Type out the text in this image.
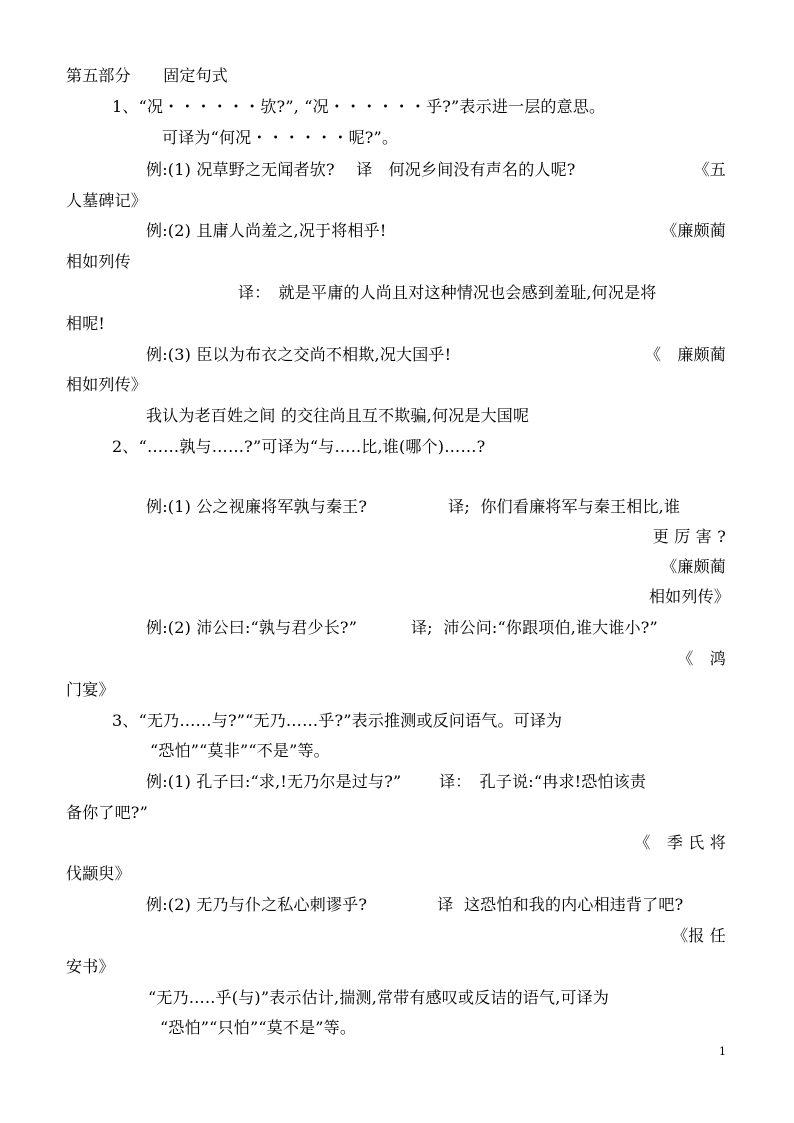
第五部分　　固定句式
1、“况・・・・・・欤?”, “况・・・・・・乎?”表示进一层的意思。
可译为“何况・・・・・・呢?”。
例:(1) 况草野之无闻者欤?　 译　何况乡间没有声名的人呢?	《五
人墓碑记》
例:(2) 且庸人尚羞之,况于将相乎!	《廉颇蔺
相如列传
译：　就是平庸的人尚且对这种情况也会感到羞耻,何况是将
相呢!
例:(3) 臣以为布衣之交尚不相欺,况大国乎!	《　廉颇蔺
相如列传》
我认为老百姓之间 的交往尚且互不欺骗,何况是大国呢
2、“……孰与……?”可译为“与…..比,谁(哪个)……?
例:(1) 公之视廉将军孰与秦王?　　　　　译;  你们看廉将军与秦王相比,谁
更 厉 害 ?
《廉颇蔺
相如列传》
例:(2) 沛公曰:“孰与君少长?”　　　 译;  沛公问:“你跟项伯,谁大谁小?”
《　鸿
门宴》
3、“无乃……与?”“无乃……乎?”表示推测或反问语气。可译为
“恐怕”“莫非”“不是”等。
例:(1) 孔子曰:“求,!无乃尔是过与?”　　 译：　孔子说:“冉求!恐怕该责
备你了吧?”
《　季 氏 将
伐颛臾》
例:(2) 无乃与仆之私心刺谬乎?　　　　 译  这恐怕和我的内心相违背了吧?
《报 任
安书》
“无乃…..乎(与)”表示估计,揣测,常带有感叹或反诘的语气,可译为
“恐怕”“只怕”“莫不是”等。
1
